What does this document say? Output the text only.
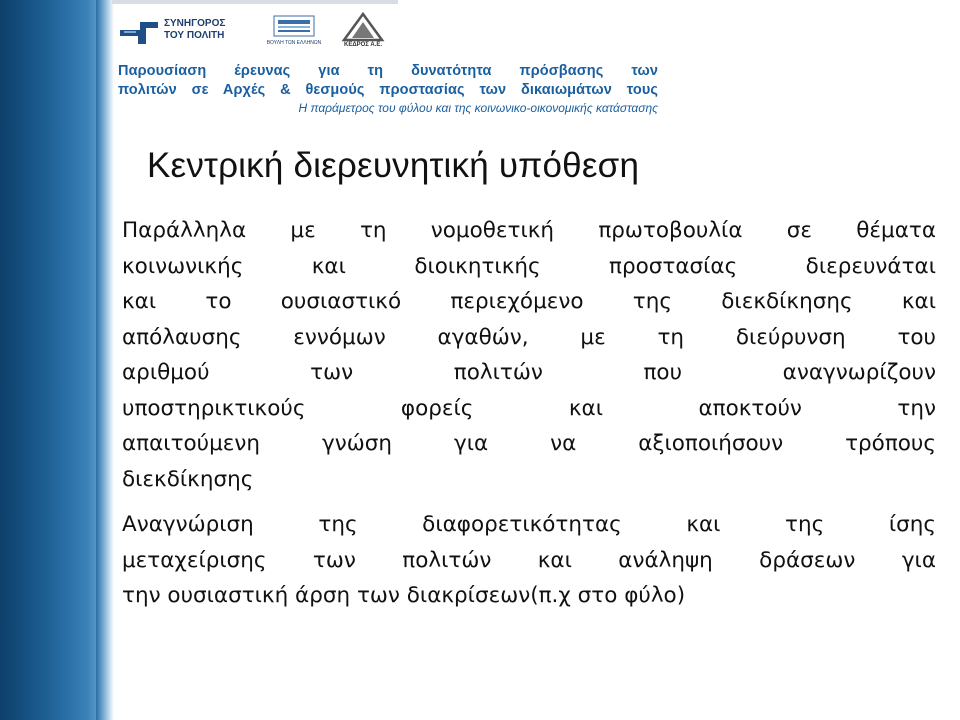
ΣΥΝΗΓΟΡΟΣ
ΤΟΥ ΠΟΛΙΤΗ
ΒΟΥΛΗ ΤΩΝ ΕΛΛΗΝΩΝ	ΚΕΔΡΟΣ Α.Ε.
Παρουσίαση έρευνας για τη δυνατότητα πρόσβασης των
πολιτών σε Αρχές & θεσμούς προστασίας των δικαιωμάτων τους
Η παράμετρος του φύλου και της κοινωνικο-οικονομικής κατάστασης
Κεντρική διερευνητική υπόθεση

Παράλληλα με τη νομοθετική πρωτοβουλία σε θέματα
κοινωνικής και διοικητικής προστασίας διερευνάται
και το ουσιαστικό περιεχόμενο της διεκδίκησης και
απόλαυσης εννόμων αγαθών, με τη διεύρυνση του
αριθμού των πολιτών που αναγνωρίζουν
υποστηρικτικούς φορείς και αποκτούν την
απαιτούμενη γνώση για να αξιοποιήσουν τρόπους
διεκδίκησης

Αναγνώριση της διαφορετικότητας και της ίσης
μεταχείρισης των πολιτών και ανάληψη δράσεων για
την ουσιαστική άρση των διακρίσεων(π.χ στο φύλο)
